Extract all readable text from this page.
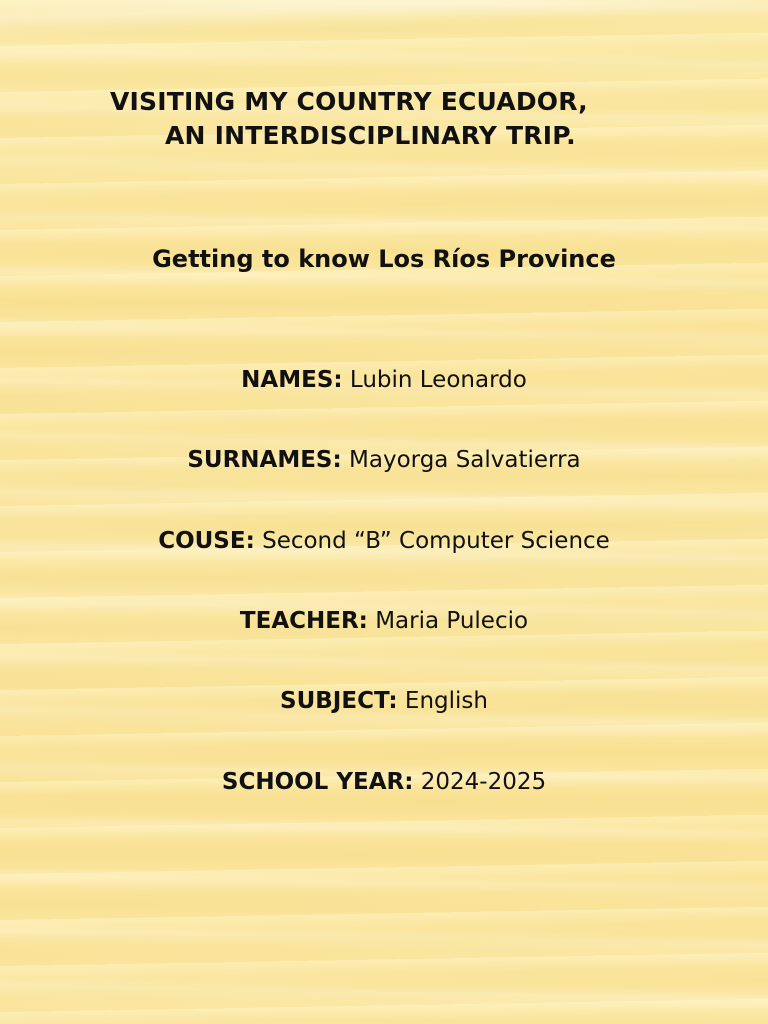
VISITING MY COUNTRY ECUADOR,
AN INTERDISCIPLINARY TRIP.
Getting to know Los Ríos Province
NAMES: Lubin Leonardo
SURNAMES: Mayorga Salvatierra
COUSE: Second “B” Computer Science
TEACHER: Maria Pulecio
SUBJECT: English
SCHOOL YEAR: 2024-2025
